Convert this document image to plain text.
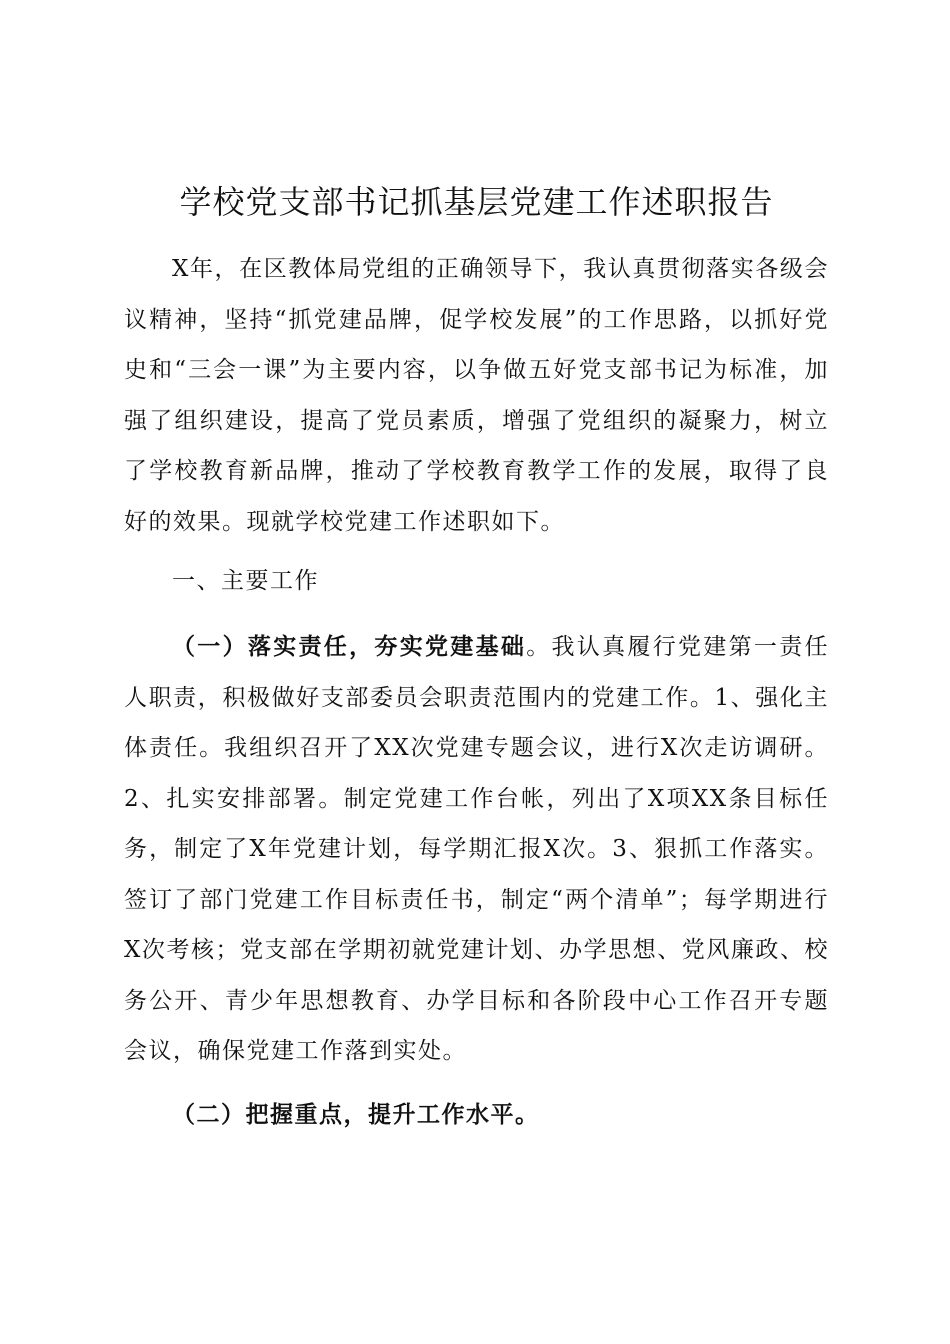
学校党支部书记抓基层党建工作述职报告

X年，在区教体局党组的正确领导下，我认真贯彻落实各级会议精神，坚持“抓党建品牌，促学校发展”的工作思路，以抓好党史和“三会一课”为主要内容，以争做五好党支部书记为标准，加强了组织建设，提高了党员素质，增强了党组织的凝聚力，树立了学校教育新品牌，推动了学校教育教学工作的发展，取得了良好的效果。现就学校党建工作述职如下。

一、主要工作

（一）落实责任，夯实党建基础。我认真履行党建第一责任人职责，积极做好支部委员会职责范围内的党建工作。1、强化主体责任。我组织召开了XX次党建专题会议，进行X次走访调研。2、扎实安排部署。制定党建工作台帐，列出了X项XX条目标任务，制定了X年党建计划，每学期汇报X次。3、狠抓工作落实。签订了部门党建工作目标责任书，制定“两个清单”；每学期进行X次考核；党支部在学期初就党建计划、办学思想、党风廉政、校务公开、青少年思想教育、办学目标和各阶段中心工作召开专题会议，确保党建工作落到实处。

（二）把握重点，提升工作水平。
